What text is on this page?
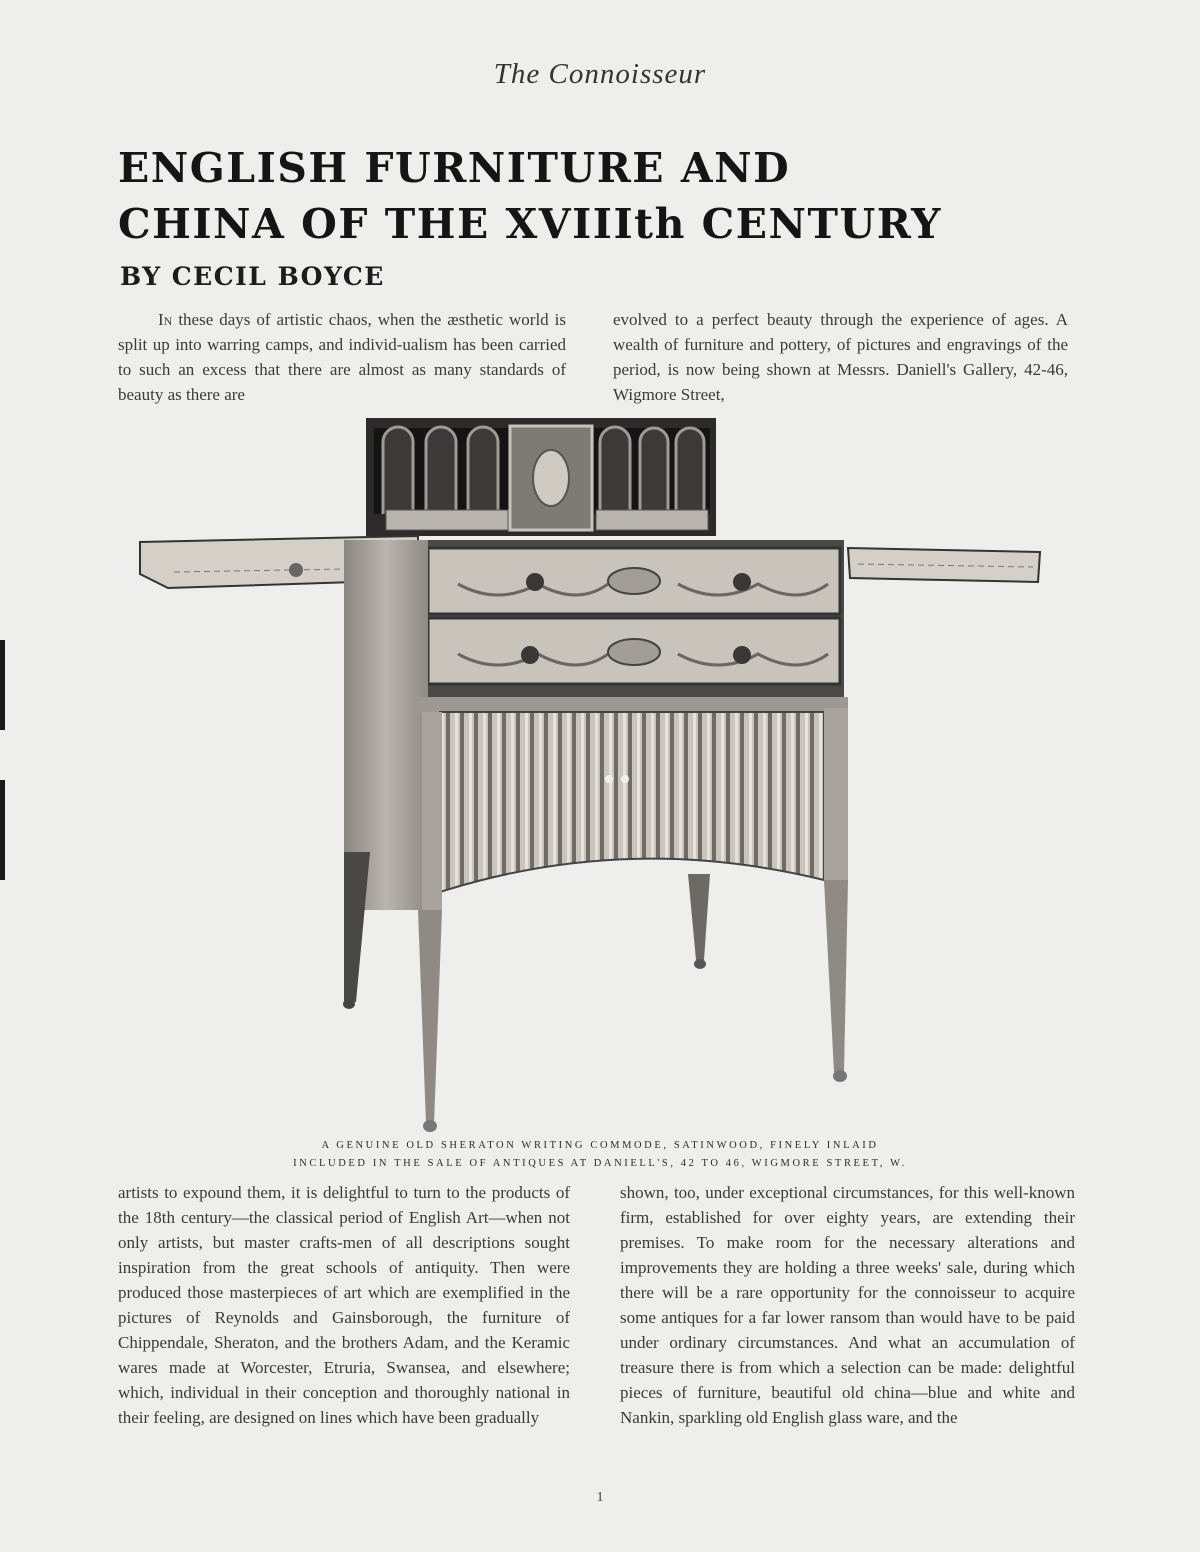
The Connoisseur
ENGLISH FURNITURE AND
CHINA OF THE XVIIIth CENTURY
BY CECIL BOYCE

In these days of artistic chaos, when the æsthetic world is split up into warring camps, and individ-ualism has been carried to such an excess that there are almost as many standards of beauty as there are

evolved to a perfect beauty through the experience of ages. A wealth of furniture and pottery, of pictures and engravings of the period, is now being shown at Messrs. Daniell's Gallery, 42-46, Wigmore Street,

A GENUINE OLD SHERATON WRITING COMMODE, SATINWOOD, FINELY INLAID
INCLUDED IN THE SALE OF ANTIQUES AT DANIELL'S, 42 TO 46, WIGMORE STREET, W.

artists to expound them, it is delightful to turn to the products of the 18th century—the classical period of English Art—when not only artists, but master crafts-men of all descriptions sought inspiration from the great schools of antiquity. Then were produced those masterpieces of art which are exemplified in the pictures of Reynolds and Gainsborough, the furniture of Chippendale, Sheraton, and the brothers Adam, and the Keramic wares made at Worcester, Etruria, Swansea, and elsewhere; which, individual in their conception and thoroughly national in their feeling, are designed on lines which have been gradually

shown, too, under exceptional circumstances, for this well-known firm, established for over eighty years, are extending their premises. To make room for the necessary alterations and improvements they are holding a three weeks' sale, during which there will be a rare opportunity for the connoisseur to acquire some antiques for a far lower ransom than would have to be paid under ordinary circumstances. And what an accumulation of treasure there is from which a selection can be made: delightful pieces of furniture, beautiful old china—blue and white and Nankin, sparkling old English glass ware, and the

1
